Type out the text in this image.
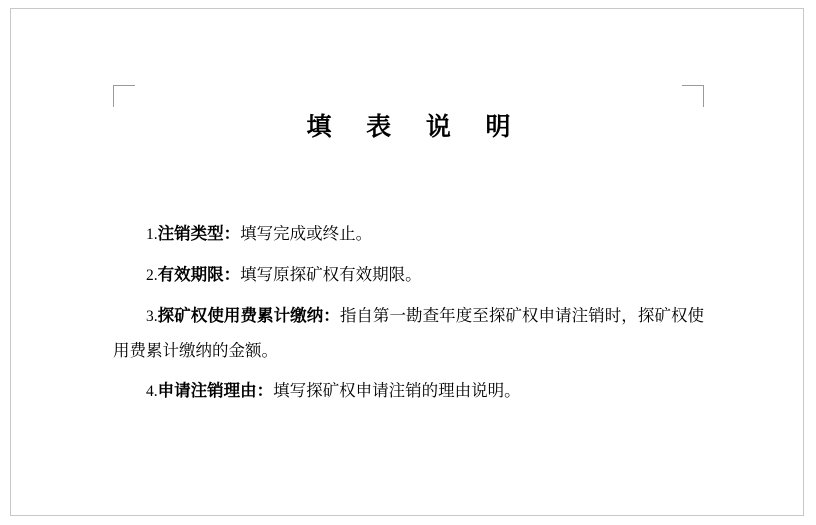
填 表 说 明

1.注销类型：填写完成或终止。

2.有效期限：填写原探矿权有效期限。

3.探矿权使用费累计缴纳：指自第一勘查年度至探矿权申请注销时，探矿权使用费累计缴纳的金额。

4.申请注销理由：填写探矿权申请注销的理由说明。
